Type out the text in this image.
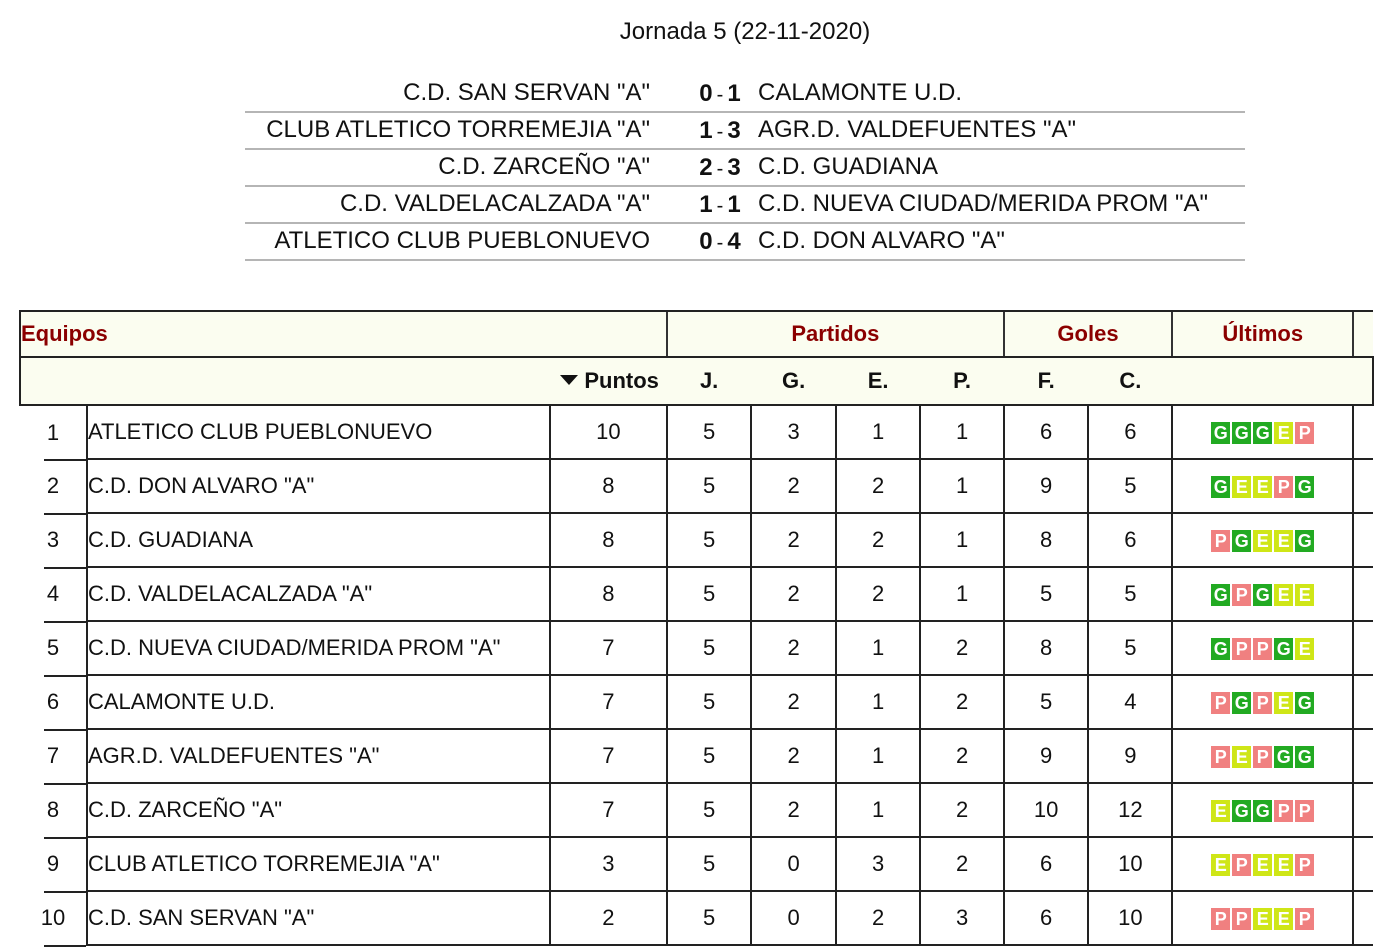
Jornada 5 (22-11-2020)
C.D. SAN SERVAN "A"	0 - 1 CALAMONTE U.D.
CLUB ATLETICO TORREMEJIA "A"	1 - 3 AGR.D. VALDEFUENTES "A"
C.D. ZARCEÑO "A"	2 - 3 C.D. GUADIANA
C.D. VALDELACALZADA "A"	1 - 1 C.D. NUEVA CIUDAD/MERIDA PROM "A"
ATLETICO CLUB PUEBLONUEVO	0 - 4 C.D. DON ALVARO "A"
Equipos			Partidos				Goles		Últimos	
		Puntos	J.	G.	E.	P.	F.	C.		
1	ATLETICO CLUB PUEBLONUEVO	10	5	3	1	1	6	6	G G G E P	
2	C.D. DON ALVARO "A"	8	5	2	2	1	9	5	G E E P G	
3	C.D. GUADIANA	8	5	2	2	1	8	6	P G E E G	
4	C.D. VALDELACALZADA "A"	8	5	2	2	1	5	5	G P G E E	
5	C.D. NUEVA CIUDAD/MERIDA PROM "A"	7	5	2	1	2	8	5	G P P G E	
6	CALAMONTE U.D.	7	5	2	1	2	5	4	P G P E G	
7	AGR.D. VALDEFUENTES "A"	7	5	2	1	2	9	9	P E P G G	
8	C.D. ZARCEÑO "A"	7	5	2	1	2	10	12	E G G P P	
9	CLUB ATLETICO TORREMEJIA "A"	3	5	0	3	2	6	10	E P E E P	
10	C.D. SAN SERVAN "A"	2	5	0	2	3	6	10	P P E E P	
